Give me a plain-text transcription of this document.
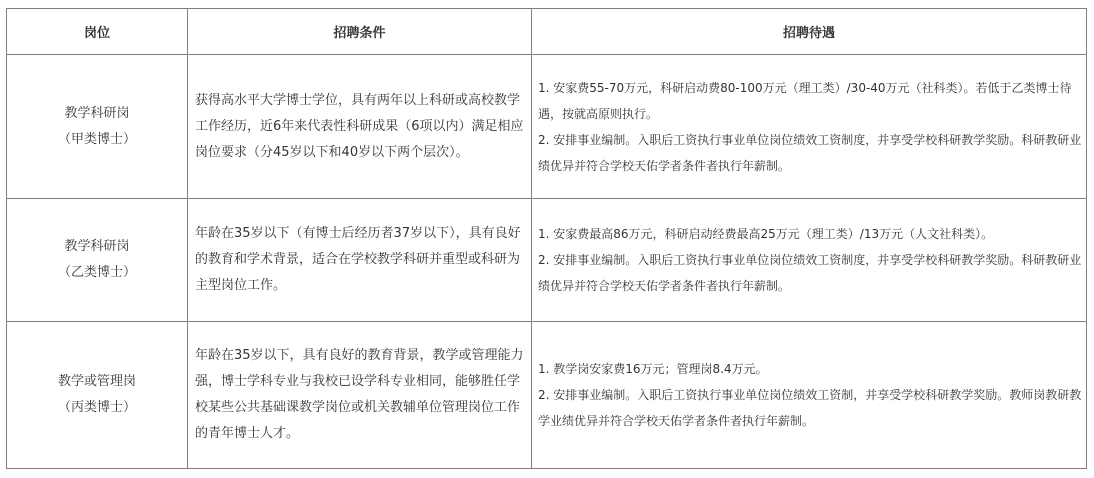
岗位	招聘条件	招聘待遇

教学科研岗
（甲类博士）	获得高水平大学博士学位，具有两年以上科研或高校教学工作经历，近6年来代表性科研成果（6项以内）满足相应岗位要求（分45岁以下和40岁以下两个层次）。	1. 安家费55-70万元，科研启动费80-100万元（理工类）/30-40万元（社科类）。若低于乙类博士待遇，按就高原则执行。
2. 安排事业编制。入职后工资执行事业单位岗位绩效工资制度，并享受学校科研教学奖励。科研教研业绩优异并符合学校天佑学者条件者执行年薪制。

教学科研岗
（乙类博士）	年龄在35岁以下（有博士后经历者37岁以下），具有良好的教育和学术背景，适合在学校教学科研并重型或科研为主型岗位工作。	1. 安家费最高86万元，科研启动经费最高25万元（理工类）/13万元（人文社科类）。
2. 安排事业编制。入职后工资执行事业单位岗位绩效工资制度，并享受学校科研教学奖励。科研教研业绩优异并符合学校天佑学者条件者执行年薪制。

教学或管理岗
（丙类博士）	年龄在35岁以下，具有良好的教育背景，教学或管理能力强，博士学科专业与我校已设学科专业相同，能够胜任学校某些公共基础课教学岗位或机关教辅单位管理岗位工作的青年博士人才。	1. 教学岗安家费16万元；管理岗8.4万元。
2. 安排事业编制。入职后工资执行事业单位岗位绩效工资制，并享受学校科研教学奖励。教师岗教研教学业绩优异并符合学校天佑学者条件者执行年薪制。
